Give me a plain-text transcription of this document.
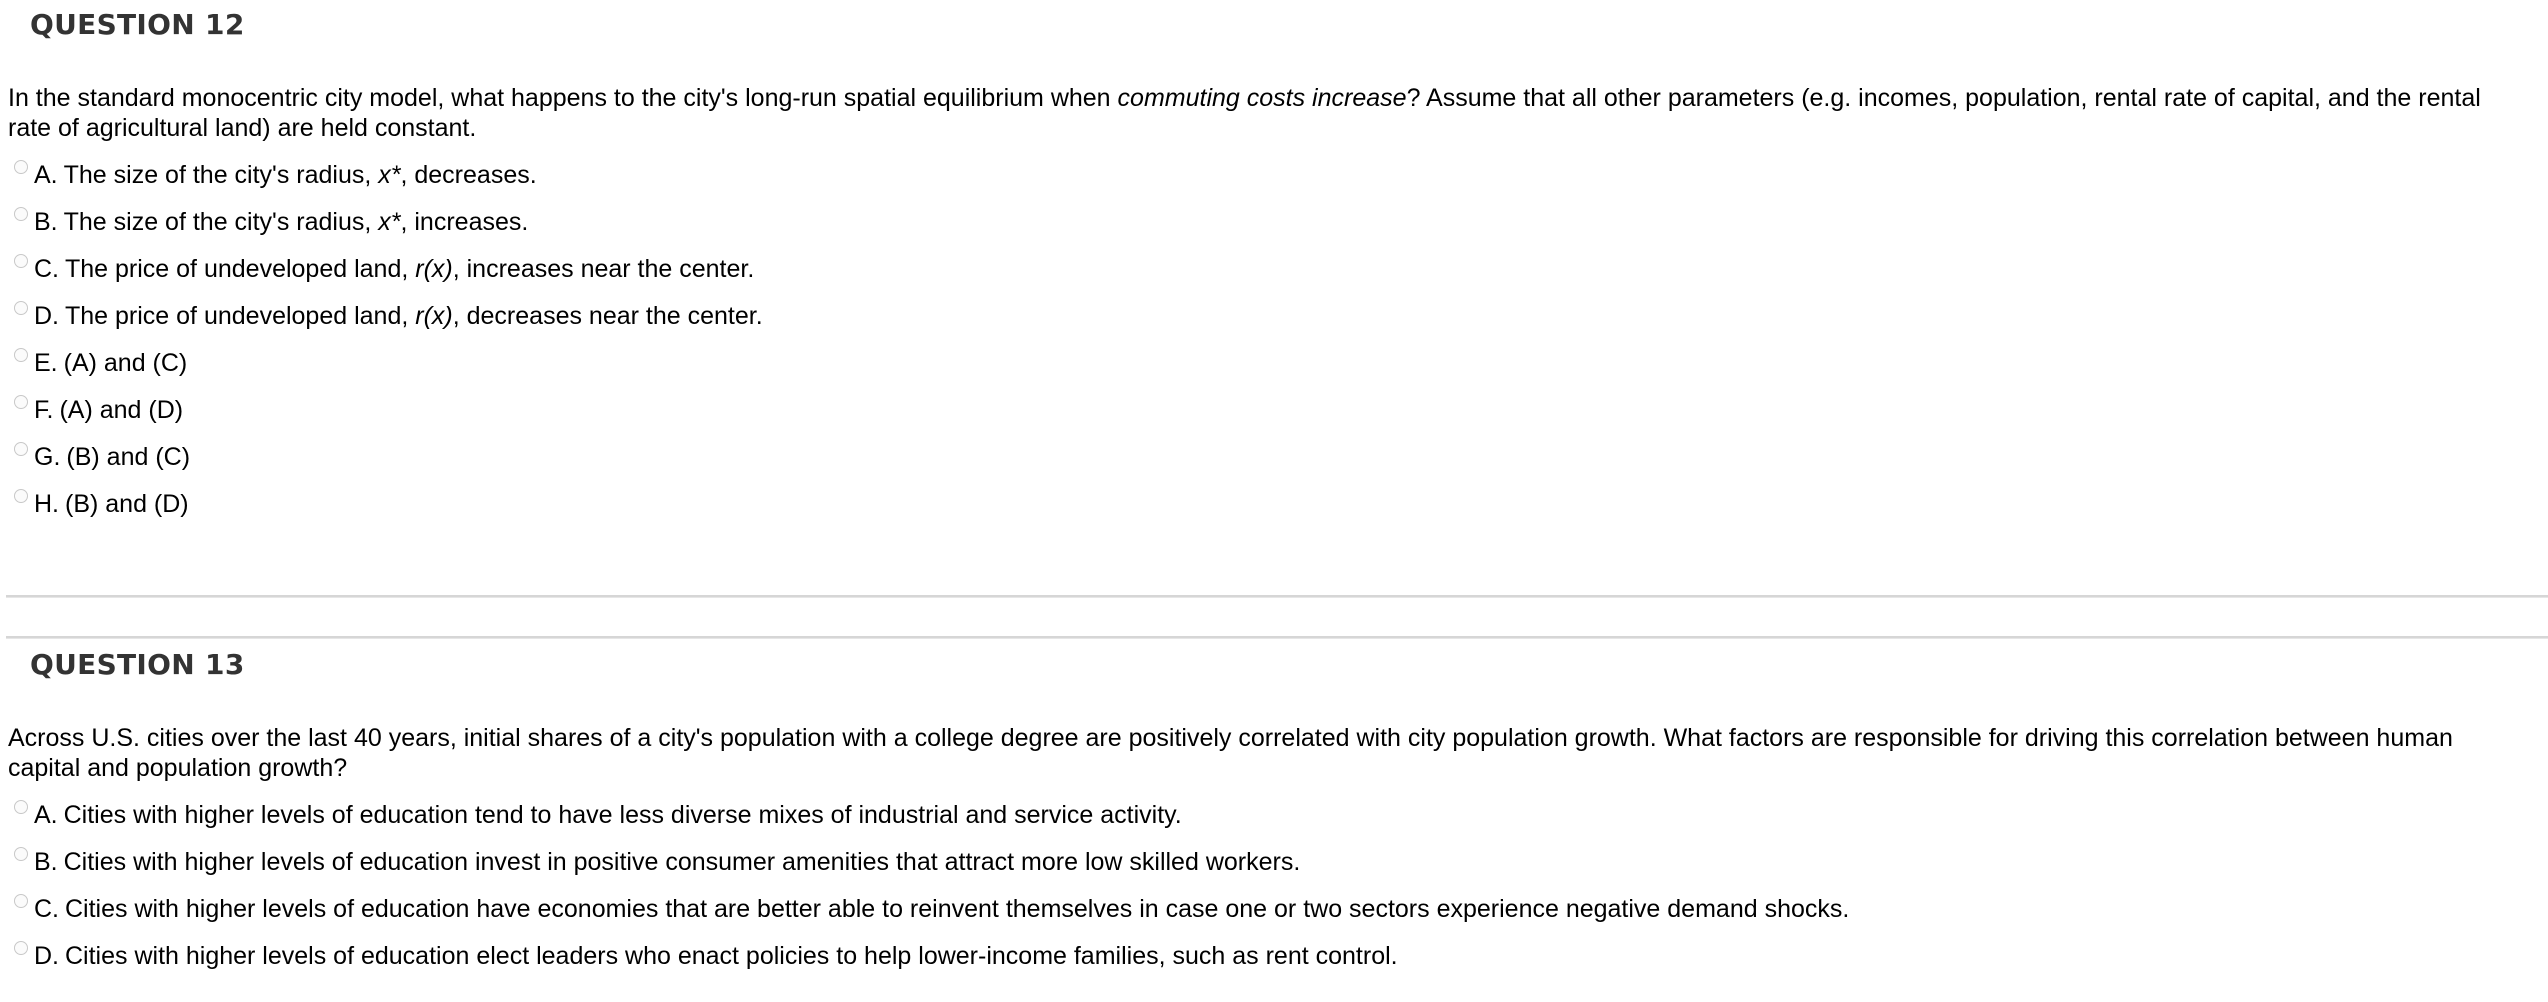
QUESTION 12
In the standard monocentric city model, what happens to the city's long-run spatial equilibrium when commuting costs increase? Assume that all other parameters (e.g. incomes, population, rental rate of capital, and the rental rate of agricultural land) are held constant.
A. The size of the city's radius, x*, decreases.
B. The size of the city's radius, x*, increases.
C. The price of undeveloped land, r(x), increases near the center.
D. The price of undeveloped land, r(x), decreases near the center.
E. (A) and (C)
F. (A) and (D)
G. (B) and (C)
H. (B) and (D)
QUESTION 13
Across U.S. cities over the last 40 years, initial shares of a city's population with a college degree are positively correlated with city population growth. What factors are responsible for driving this correlation between human capital and population growth?
A. Cities with higher levels of education tend to have less diverse mixes of industrial and service activity.
B. Cities with higher levels of education invest in positive consumer amenities that attract more low skilled workers.
C. Cities with higher levels of education have economies that are better able to reinvent themselves in case one or two sectors experience negative demand shocks.
D. Cities with higher levels of education elect leaders who enact policies to help lower-income families, such as rent control.
